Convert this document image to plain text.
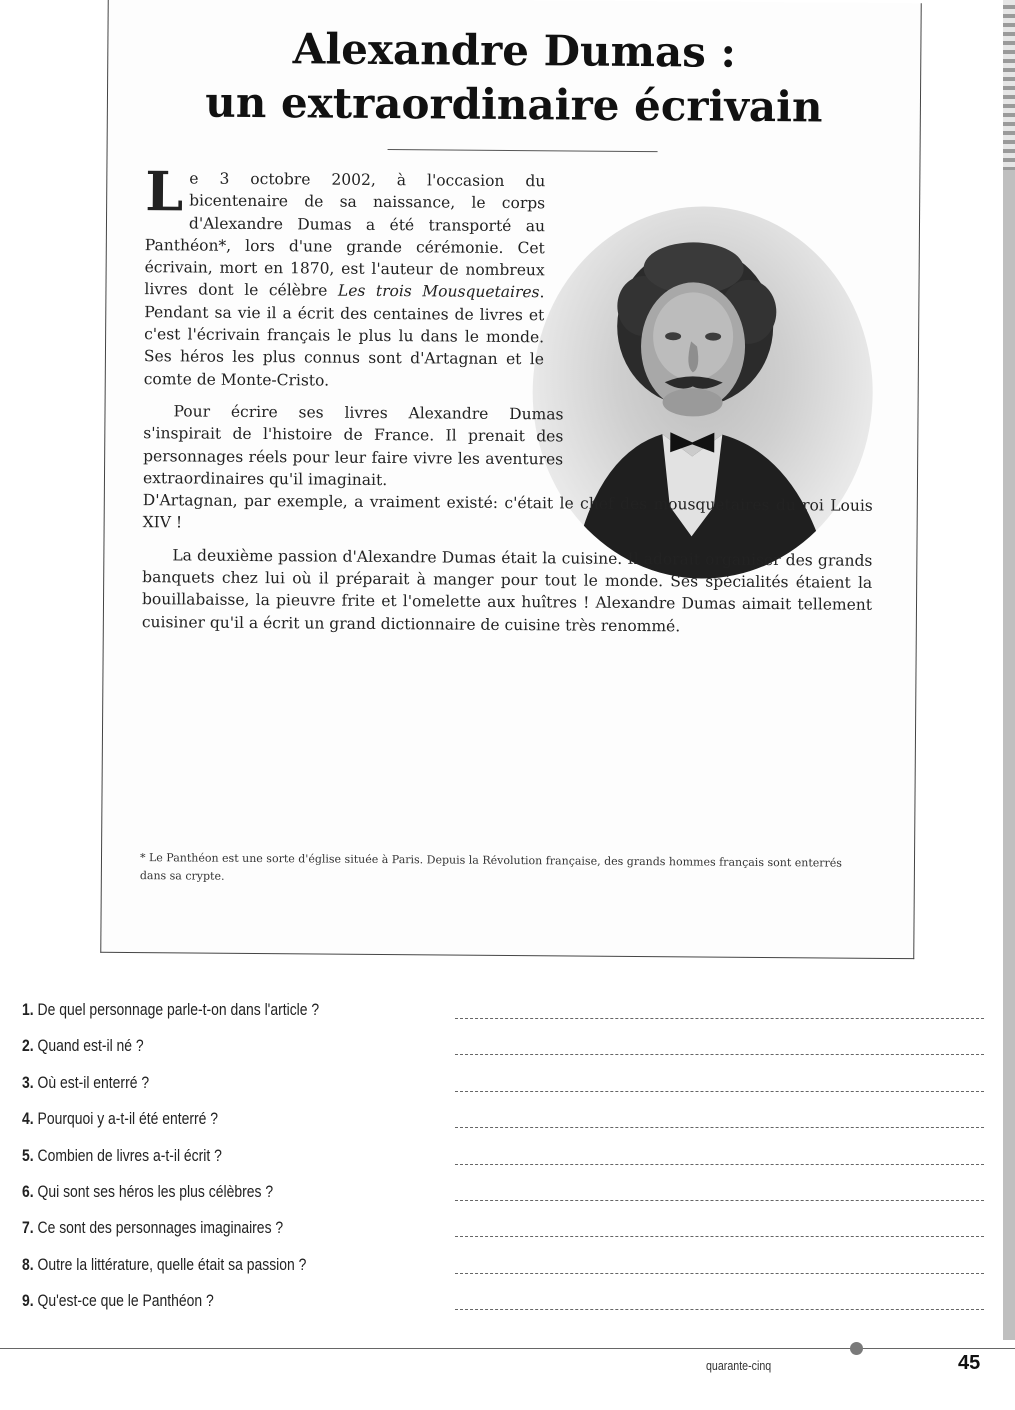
Alexandre Dumas :
un extraordinaire écrivain

Le 3 octobre 2002, à l'occasion du bicentenaire de sa naissance, le corps d'Alexandre Dumas a été transporté au Panthéon*, lors d'une grande cérémonie. Cet écrivain, mort en 1870, est l'auteur de nombreux livres dont le célèbre Les trois Mousquetaires. Pendant sa vie il a écrit des centaines de livres et c'est l'écrivain français le plus lu dans le monde. Ses héros les plus connus sont d'Artagnan et le comte de Monte-Cristo.

Pour écrire ses livres Alexandre Dumas s'inspirait de l'histoire de France. Il prenait des personnages réels pour leur faire vivre les aventures extraordinaires qu'il imaginait.
D'Artagnan, par exemple, a vraiment existé: c'était le chef des mousquetaires du roi Louis XIV !

La deuxième passion d'Alexandre Dumas était la cuisine. Il adorait organiser des grands banquets chez lui où il préparait à manger pour tout le monde. Ses spécialités étaient la bouillabaisse, la pieuvre frite et l'omelette aux huîtres ! Alexandre Dumas aimait tellement cuisiner qu'il a écrit un grand dictionnaire de cuisine très renommé.

* Le Panthéon est une sorte d'église située à Paris. Depuis la Révolution française, des grands hommes français sont enterrés dans sa crypte.
1. De quel personnage parle-t-on dans l'article ?
2. Quand est-il né ?
3. Où est-il enterré ?
4. Pourquoi y a-t-il été enterré ?
5. Combien de livres a-t-il écrit ?
6. Qui sont ses héros les plus célèbres ?
7. Ce sont des personnages imaginaires ?
8. Outre la littérature, quelle était sa passion ?
9. Qu'est-ce que le Panthéon ?
quarante-cinq	45
